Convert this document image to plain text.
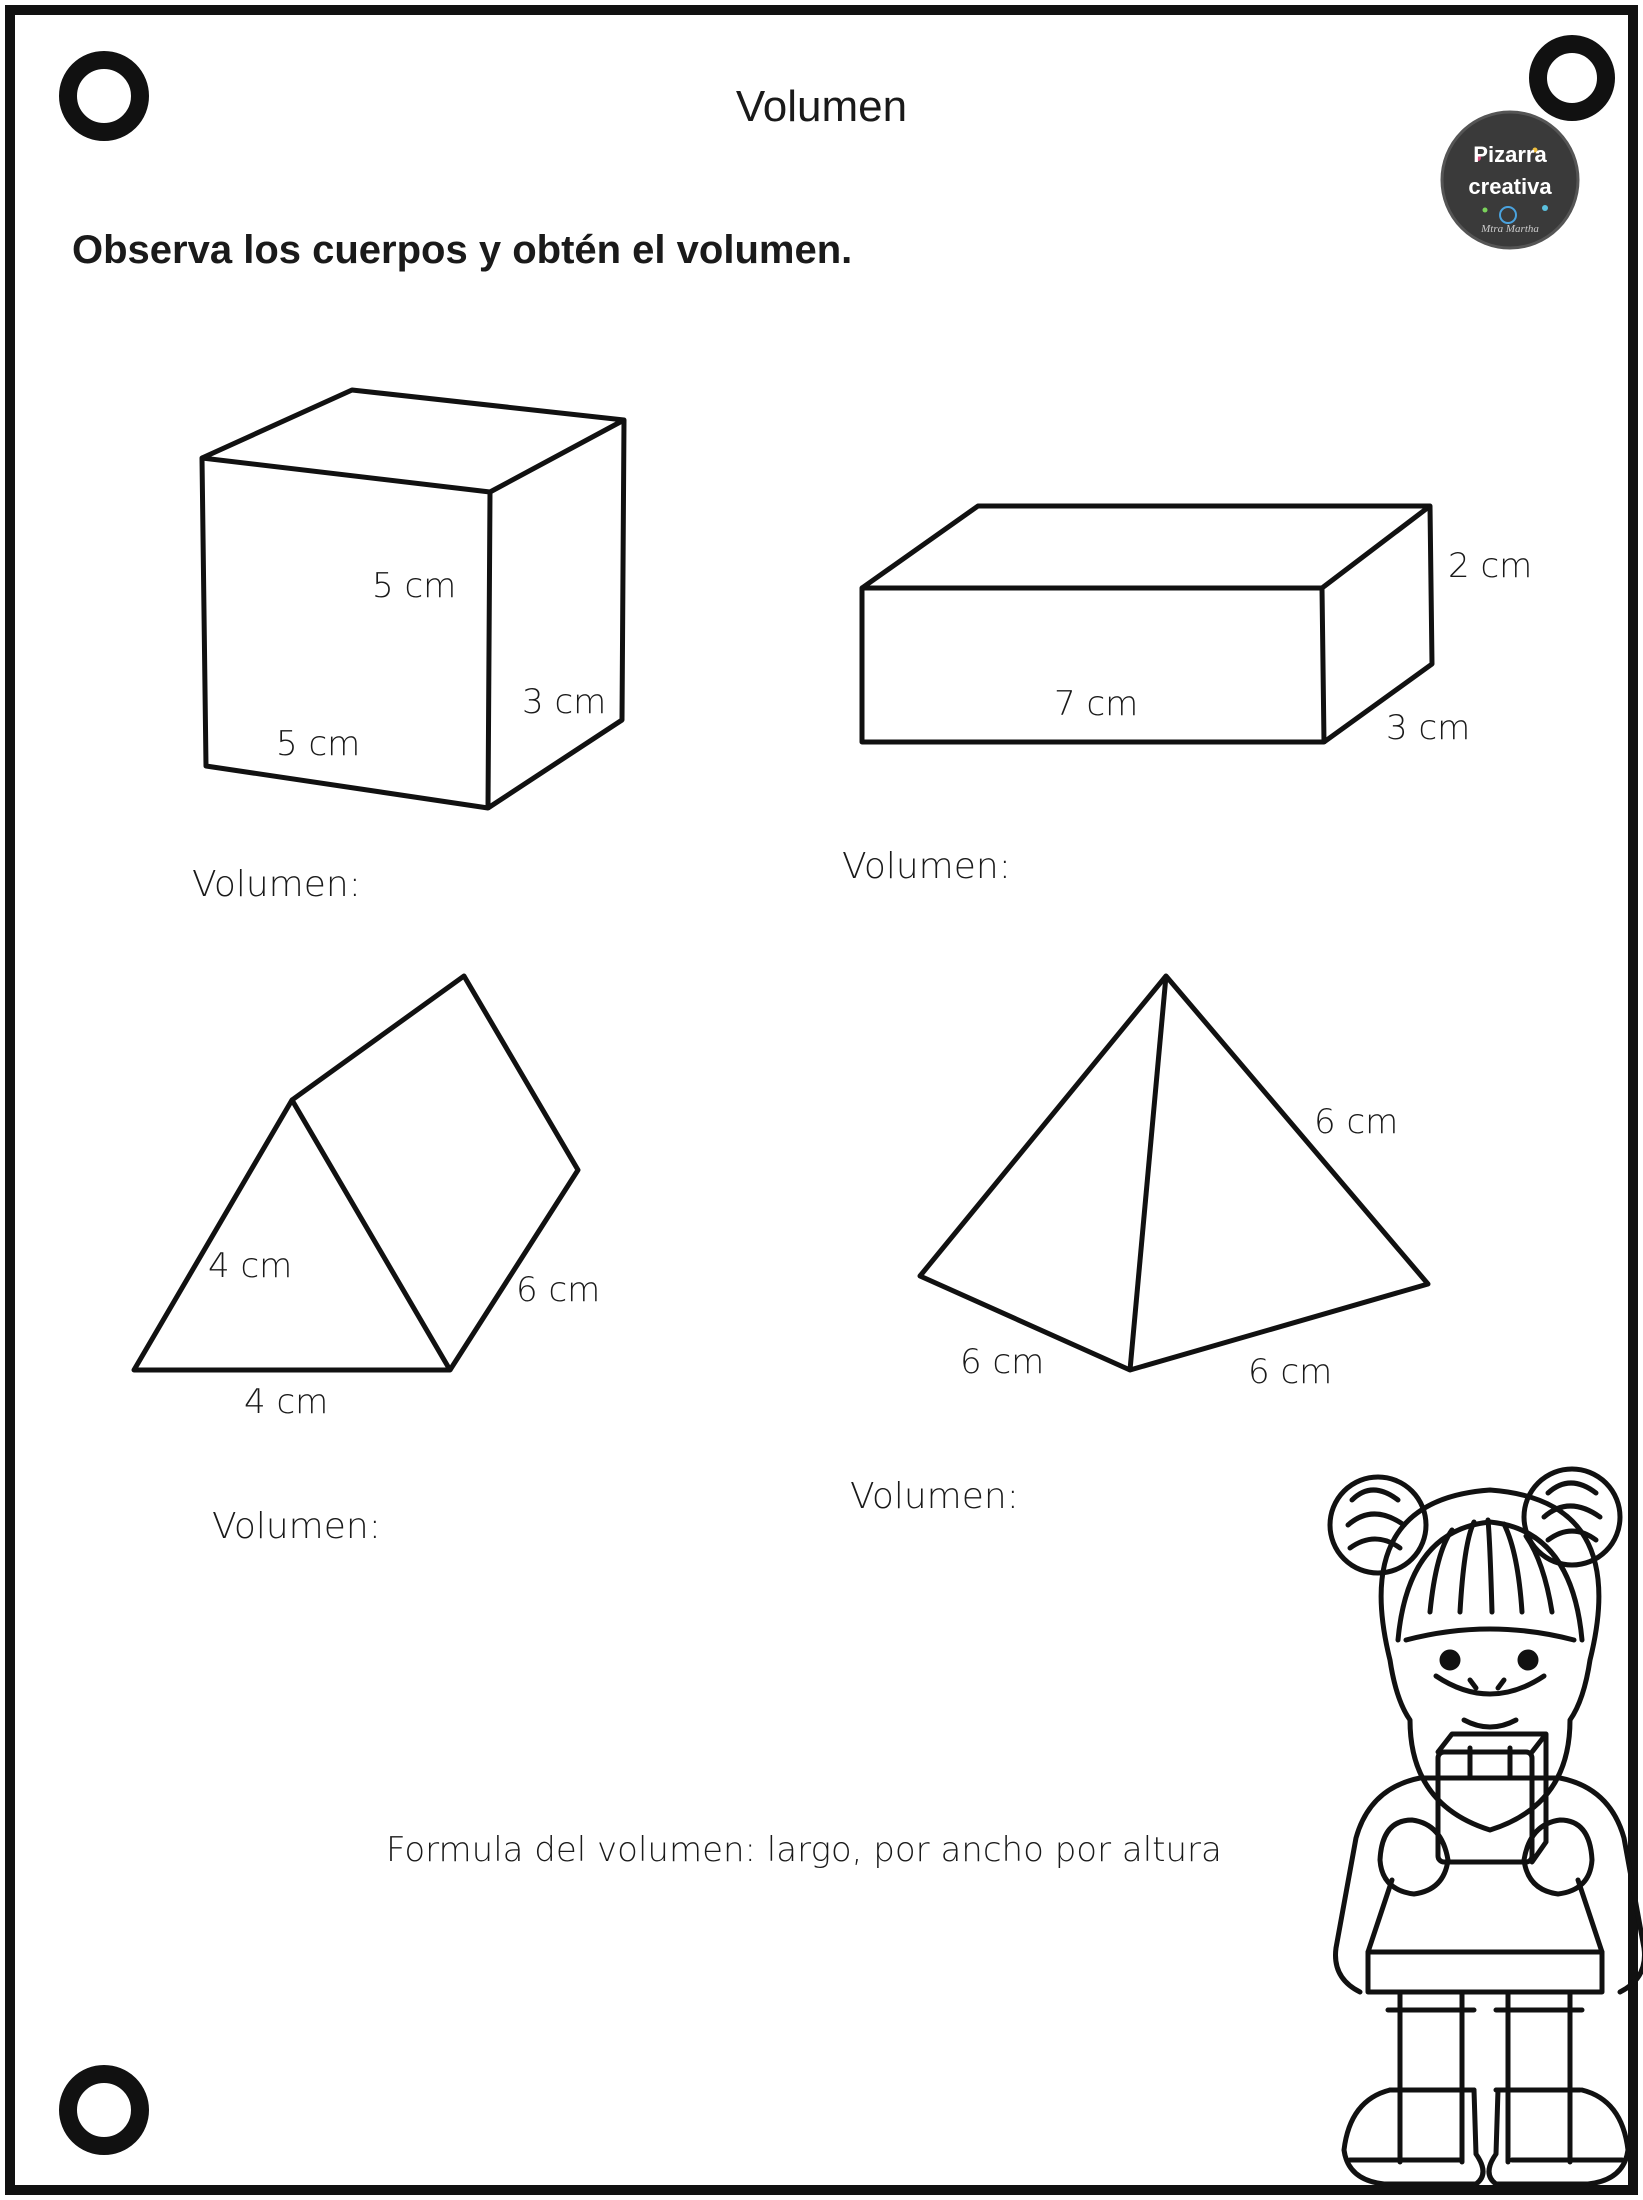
Pizarra
creativa
Mtra Martha
Volumen
Observa los cuerpos y obtén el volumen.
5 cm
3 cm
5 cm
Volumen:
2 cm
7 cm
3 cm
Volumen:
4 cm
6 cm
4 cm
Volumen:
6 cm
6 cm	6 cm
Volumen:
Formula del volumen: largo, por ancho por altura
